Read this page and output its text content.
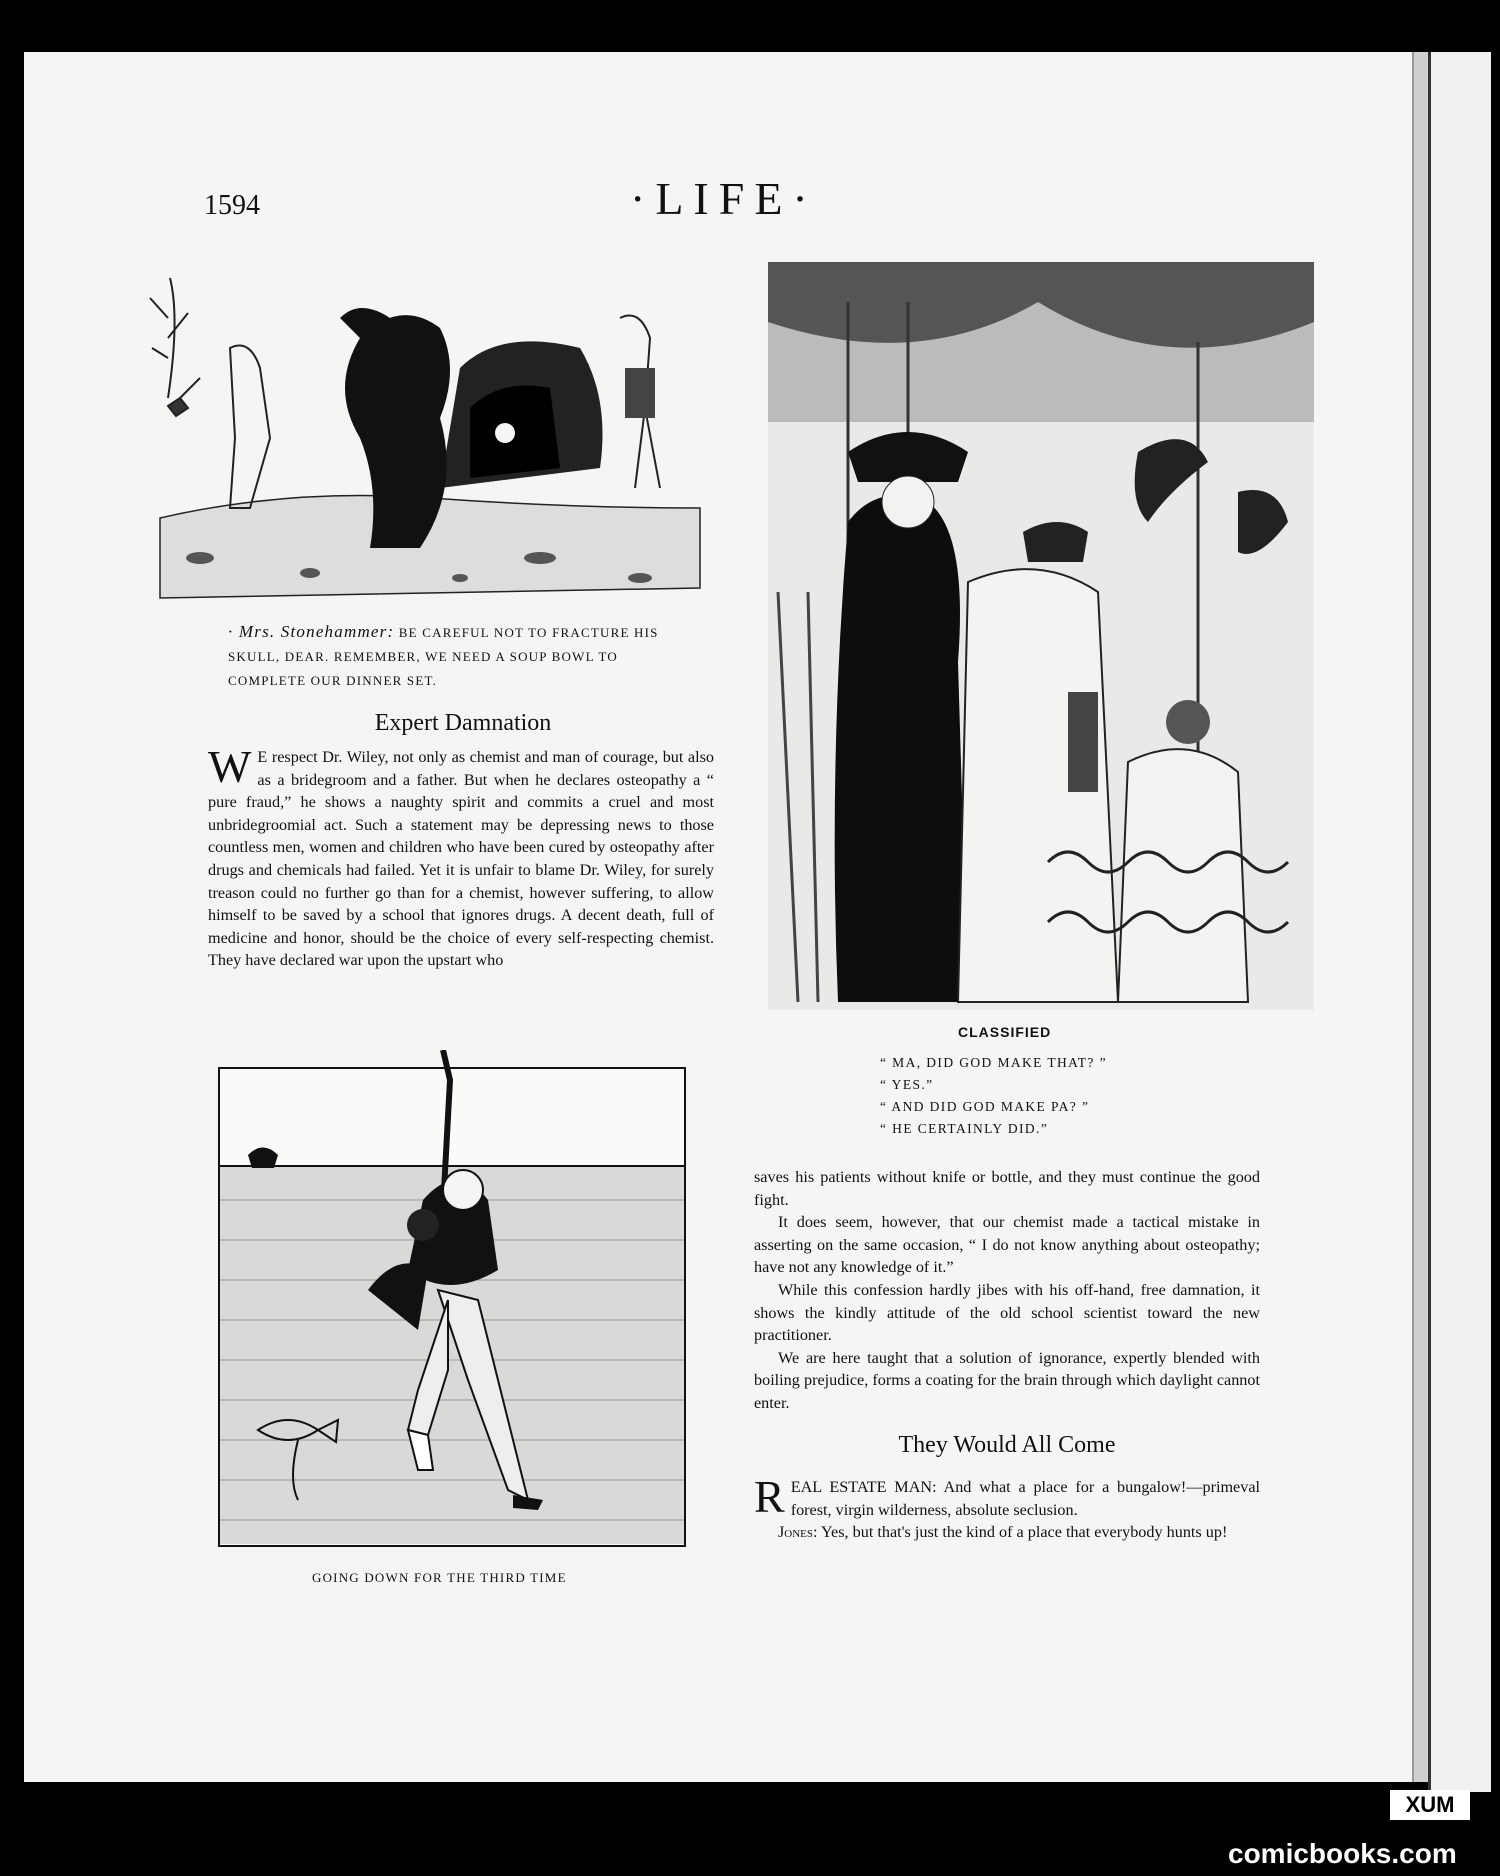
1594	·LIFE·
· Mrs. Stonehammer: BE CAREFUL NOT TO FRACTURE HIS SKULL, DEAR. REMEMBER, WE NEED A SOUP BOWL TO COMPLETE OUR DINNER SET.
Expert Damnation
W E respect Dr. Wiley, not only as chemist and man of courage, but also as a bridegroom and a father. But when he declares osteopathy a “ pure fraud,” he shows a naughty spirit and commits a cruel and most unbridegroomial act. Such a statement may be depressing news to those countless men, women and children who have been cured by osteopathy after drugs and chemicals had failed. Yet it is unfair to blame Dr. Wiley, for surely treason could no further go than for a chemist, however suffering, to allow himself to be saved by a school that ignores drugs. A decent death, full of medicine and honor, should be the choice of every self-respecting chemist. They have declared war upon the upstart who
CLASSIFIED
“ MA, DID GOD MAKE THAT? ”
“ YES.”
“ AND DID GOD MAKE PA? ”
“ HE CERTAINLY DID.”
GOING DOWN FOR THE THIRD TIME

saves his patients without knife or bottle, and they must continue the good fight.

It does seem, however, that our chemist made a tactical mistake in asserting on the same occasion, “ I do not know anything about osteopathy; have not any knowledge of it.”

While this confession hardly jibes with his off-hand, free damnation, it shows the kindly attitude of the old school scientist toward the new practitioner.

We are here taught that a solution of ignorance, expertly blended with boiling prejudice, forms a coating for the brain through which daylight cannot enter.

They Would All Come

R EAL ESTATE MAN: And what a place for a bungalow!—primeval forest, virgin wilderness, absolute seclusion.

Jones: Yes, but that's just the kind of a place that everybody hunts up!

XUM
comicbooks.com
